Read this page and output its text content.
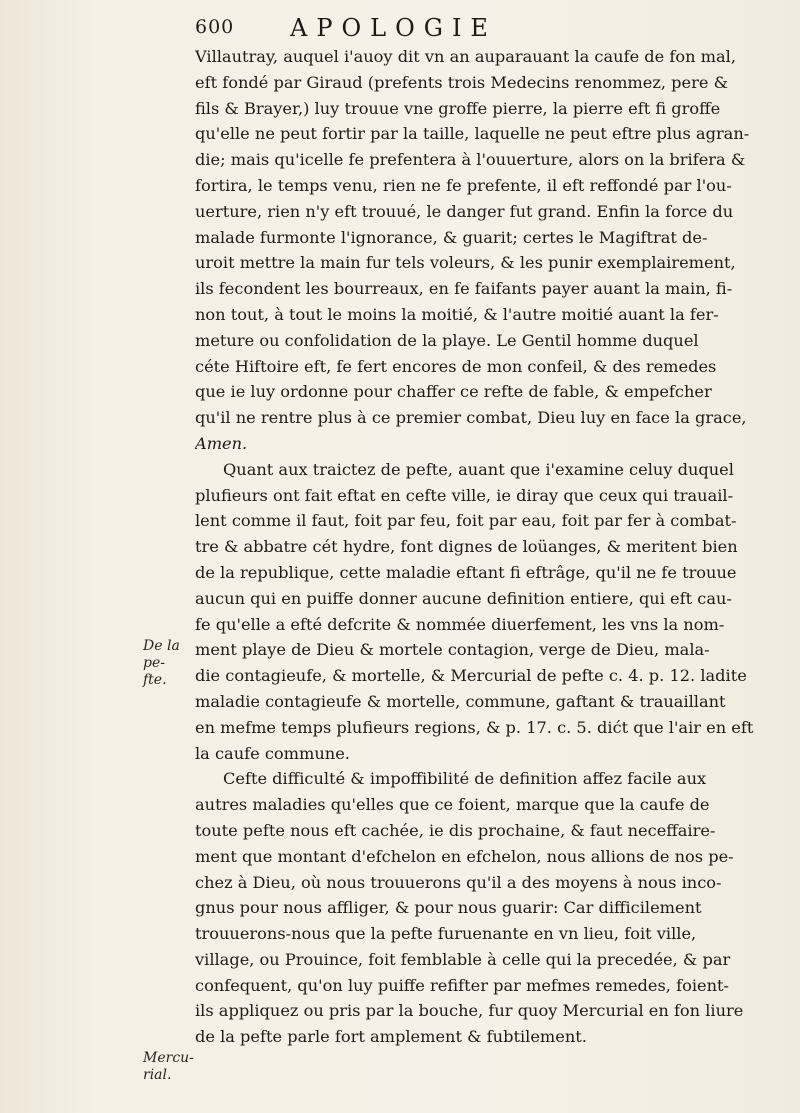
600 APOLOGIE
Villautray, auquel i'auoy dit vn an auparauant la caufe de fon mal,
eft fondé par Giraud (prefents trois Medecins renommez, pere &
fils & Brayer,) luy trouue vne groffe pierre, la pierre eft fi groffe
qu'elle ne peut fortir par la taille, laquelle ne peut eftre plus agran-
die; mais qu'icelle fe prefentera à l'ouuerture, alors on la brifera &
fortira, le temps venu, rien ne fe prefente, il eft reffondé par l'ou-
uerture, rien n'y eft trouué, le danger fut grand. Enfin la force du
malade furmonte l'ignorance, & guarit; certes le Magiftrat de-
uroit mettre la main fur tels voleurs, & les punir exemplairement,
ils fecondent les bourreaux, en fe faifants payer auant la main, fi-
non tout, à tout le moins la moitié, & l'autre moitié auant la fer-
meture ou confolidation de la playe. Le Gentil homme duquel
céte Hiftoire eft, fe fert encores de mon confeil, & des remedes
que ie luy ordonne pour chaffer ce refte de fable, & empefcher
qu'il ne rentre plus à ce premier combat, Dieu luy en face la grace,
Amen.
Quant aux traictez de pefte, auant que i'examine celuy duquel
plufieurs ont fait eftat en cefte ville, ie diray que ceux qui trauail-
lent comme il faut, foit par feu, foit par eau, foit par fer à combat-
tre & abbatre cét hydre, font dignes de loüanges, & meritent bien
de la republique, cette maladie eftant fi eftrâge, qu'il ne fe trouue
aucun qui en puiffe donner aucune definition entiere, qui eft cau-
fe qu'elle a efté defcrite & nommée diuerfement, les vns la nom-
ment playe de Dieu & mortele contagion, verge de Dieu, mala-
die contagieufe, & mortelle, & Mercurial de pefte c. 4. p. 12. ladite
maladie contagieufe & mortelle, commune, gaftant & trauaillant
en mefme temps plufieurs regions, & p. 17. c. 5. dićt que l'air en eft
la caufe commune.
Cefte difficulté & impoffibilité de definition affez facile aux
autres maladies qu'elles que ce foient, marque que la caufe de
toute pefte nous eft cachée, ie dis prochaine, & faut neceffaire-
ment que montant d'efchelon en efchelon, nous allions de nos pe-
chez à Dieu, où nous trouuerons qu'il a des moyens à nous inco-
gnus pour nous affliger, & pour nous guarir: Car difficilement
trouuerons-nous que la pefte furuenante en vn lieu, foit ville,
village, ou Prouince, foit femblable à celle qui la precedée, & par
confequent, qu'on luy puiffe refifter par mefmes remedes, foient-
ils appliquez ou pris par la bouche, fur quoy Mercurial en fon liure
de la pefte parle fort amplement & fubtilement.
De la pe-
fte.
Mercu-
rial.
